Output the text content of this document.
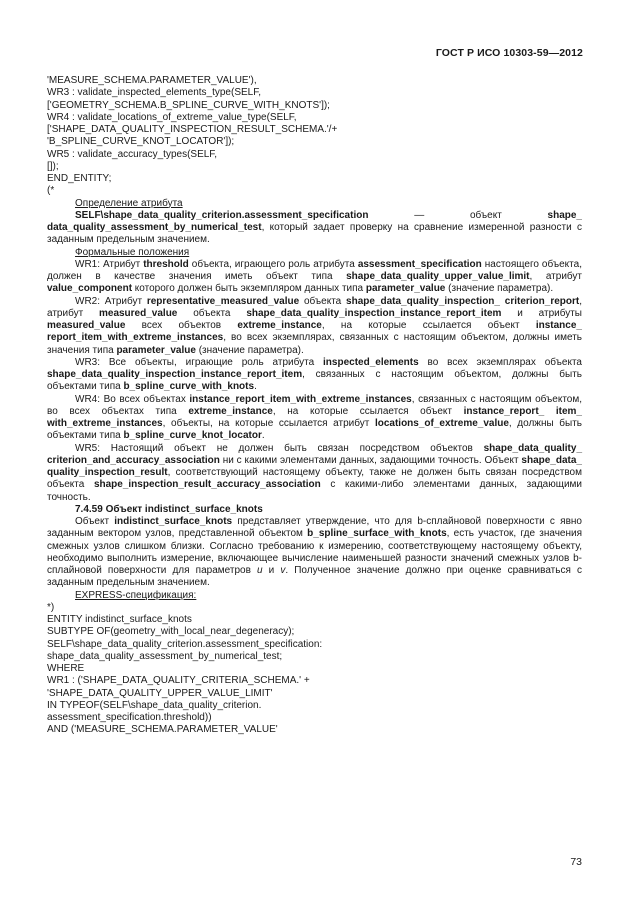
ГОСТ Р ИСО 10303-59—2012
'MEASURE_SCHEMA.PARAMETER_VALUE'),
WR3 : validate_inspected_elements_type(SELF,
['GEOMETRY_SCHEMA.B_SPLINE_CURVE_WITH_KNOTS']);
WR4 : validate_locations_of_extreme_value_type(SELF,
['SHAPE_DATA_QUALITY_INSPECTION_RESULT_SCHEMA.'/+
'B_SPLINE_CURVE_KNOT_LOCATOR']);
WR5 : validate_accuracy_types(SELF,
[]);
END_ENTITY;
(*
Определение атрибута

SELF\shape_data_quality_criterion.assessment_specification — объект shape_ data_quality_assessment_by_numerical_test, который задает проверку на сравнение измеренной разности с заданным предельным значением.

Формальные положения

WR1: Атрибут threshold объекта, играющего роль атрибута assessment_specification настоящего объекта, должен в качестве значения иметь объект типа shape_data_quality_upper_value_limit, атрибут value_component которого должен быть экземпляром данных типа parameter_value (значение параметра).

WR2: Атрибут representative_measured_value объекта shape_data_quality_inspection_ criterion_report, атрибут measured_value объекта shape_data_quality_inspection_instance_report_item и атрибуты measured_value всех объектов extreme_instance, на которые ссылается объект instance_ report_item_with_extreme_instances, во всех экземплярах, связанных с настоящим объектом, должны иметь значения типа parameter_value (значение параметра).

WR3: Все объекты, играющие роль атрибута inspected_elements во всех экземплярах объекта shape_data_quality_inspection_instance_report_item, связанных с настоящим объектом, должны быть объектами типа b_spline_curve_with_knots.

WR4: Во всех объектах instance_report_item_with_extreme_instances, связанных с настоящим объектом, во всех объектах типа extreme_instance, на которые ссылается объект instance_report_ item_ with_extreme_instances, объекты, на которые ссылается атрибут locations_of_extreme_value, должны быть объектами типа b_spline_curve_knot_locator.

WR5: Настоящий объект не должен быть связан посредством объектов shape_data_quality_ criterion_and_accuracy_association ни с какими элементами данных, задающими точность. Объект shape_data_ quality_inspection_result, соответствующий настоящему объекту, также не должен быть связан посредством объекта shape_inspection_result_accuracy_association с какими-либо элементами данных, задающими точность.

7.4.59 Объект indistinct_surface_knots

Объект indistinct_surface_knots представляет утверждение, что для b-сплайновой поверхности с явно заданным вектором узлов, представленной объектом b_spline_surface_with_knots, есть участок, где значения смежных узлов слишком близки. Согласно требованию к измерению, соответствующему настоящему объекту, необходимо выполнить измерение, включающее вычисление наименьшей разности значений смежных узлов b-сплайновой поверхности для параметров u и v. Полученное значение должно при оценке сравниваться с заданным предельным значением.

EXPRESS-спецификация:
*)
ENTITY indistinct_surface_knots
SUBTYPE OF(geometry_with_local_near_degeneracy);
SELF\shape_data_quality_criterion.assessment_specification:
shape_data_quality_assessment_by_numerical_test;
WHERE
WR1 : ('SHAPE_DATA_QUALITY_CRITERIA_SCHEMA.' +
'SHAPE_DATA_QUALITY_UPPER_VALUE_LIMIT'
IN TYPEOF(SELF\shape_data_quality_criterion.
assessment_specification.threshold))
AND ('MEASURE_SCHEMA.PARAMETER_VALUE'
73
